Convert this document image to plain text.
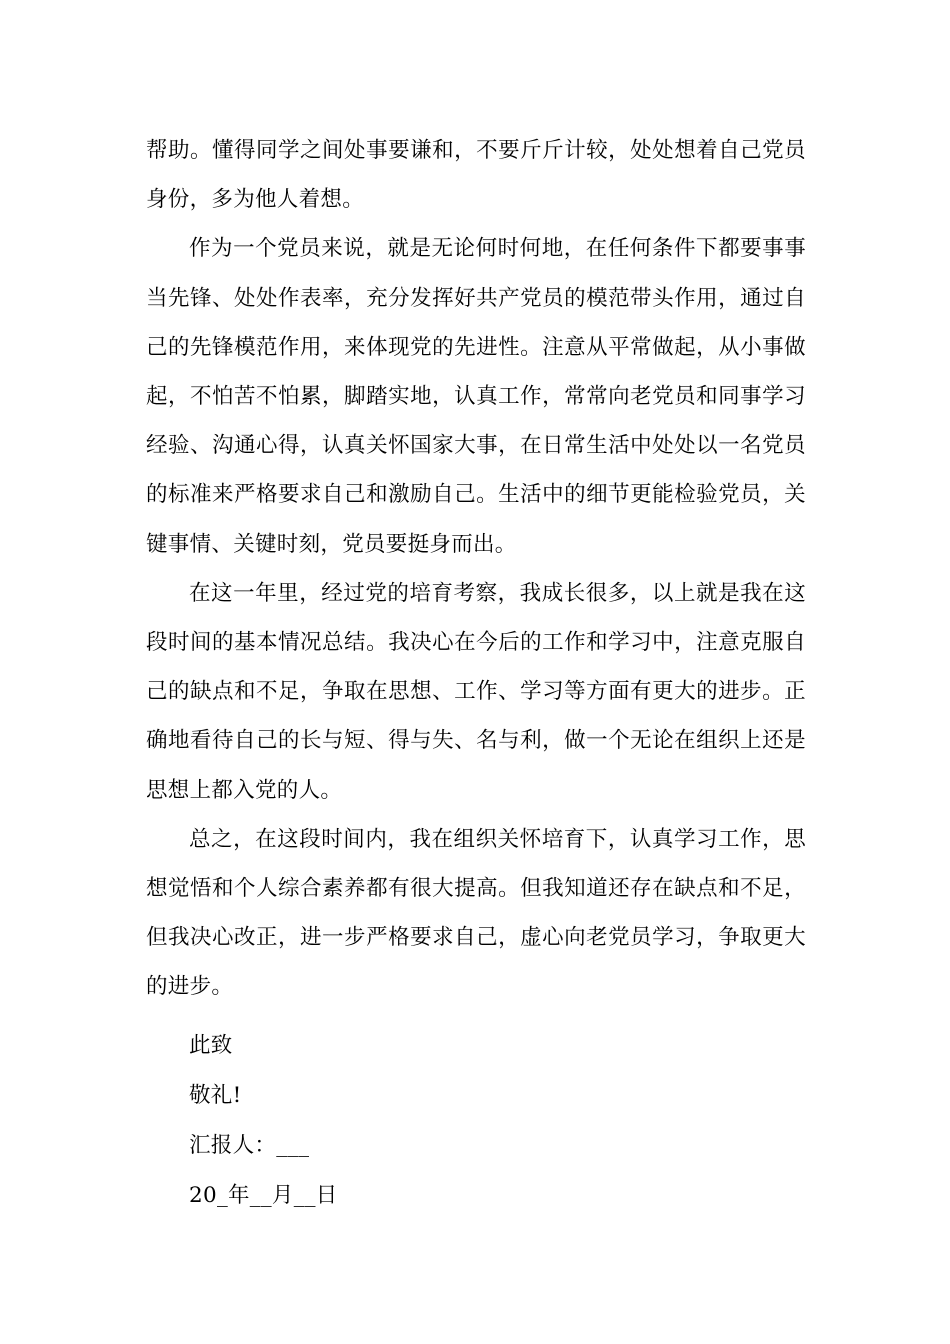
帮助。懂得同学之间处事要谦和，不要斤斤计较，处处想着自己党员身份，多为他人着想。

作为一个党员来说，就是无论何时何地，在任何条件下都要事事当先锋、处处作表率，充分发挥好共产党员的模范带头作用，通过自己的先锋模范作用，来体现党的先进性。注意从平常做起，从小事做起，不怕苦不怕累，脚踏实地，认真工作，常常向老党员和同事学习经验、沟通心得，认真关怀国家大事，在日常生活中处处以一名党员的标准来严格要求自己和激励自己。生活中的细节更能检验党员，关键事情、关键时刻，党员要挺身而出。

在这一年里，经过党的培育考察，我成长很多，以上就是我在这段时间的基本情况总结。我决心在今后的工作和学习中，注意克服自己的缺点和不足，争取在思想、工作、学习等方面有更大的进步。正确地看待自己的长与短、得与失、名与利，做一个无论在组织上还是思想上都入党的人。

总之，在这段时间内，我在组织关怀培育下，认真学习工作，思想觉悟和个人综合素养都有很大提高。但我知道还存在缺点和不足，但我决心改正，进一步严格要求自己，虚心向老党员学习，争取更大的进步。

此致
敬礼!
汇报人：___
20_年__月__日
